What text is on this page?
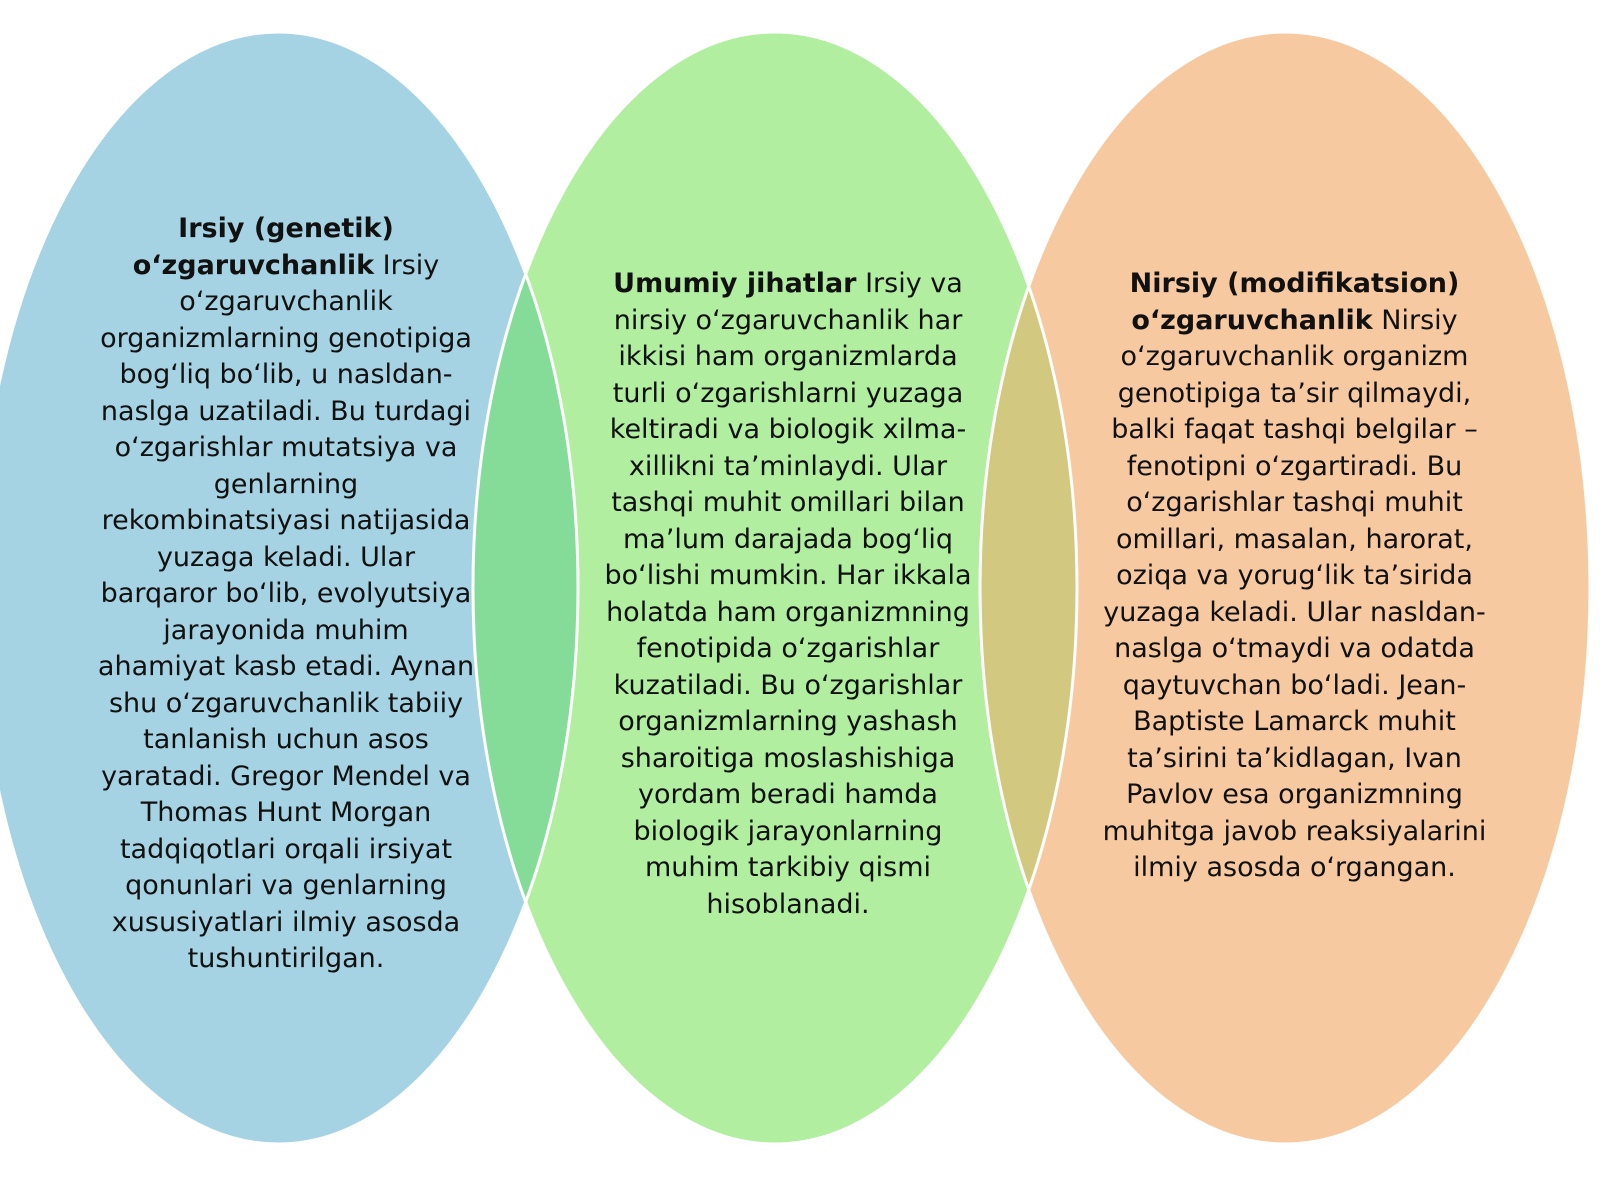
Irsiy (genetik) o‘zgaruvchanlik Irsiy o‘zgaruvchanlik organizmlarning genotipiga bog‘liq bo‘lib, u nasldan-naslga uzatiladi. Bu turdagi o‘zgarishlar mutatsiya va genlarning rekombinatsiyasi natijasida yuzaga keladi. Ular barqaror bo‘lib, evolyutsiya jarayonida muhim ahamiyat kasb etadi. Aynan shu o‘zgaruvchanlik tabiiy tanlanish uchun asos yaratadi. Gregor Mendel va Thomas Hunt Morgan tadqiqotlari orqali irsiyat qonunlari va genlarning xususiyatlari ilmiy asosda tushuntirilgan.
Umumiy jihatlar Irsiy va nirsiy o‘zgaruvchanlik har ikkisi ham organizmlarda turli o‘zgarishlarni yuzaga keltiradi va biologik xilma-xillikni ta’minlaydi. Ular tashqi muhit omillari bilan ma’lum darajada bog‘liq bo‘lishi mumkin. Har ikkala holatda ham organizmning fenotipida o‘zgarishlar kuzatiladi. Bu o‘zgarishlar organizmlarning yashash sharoitiga moslashishiga yordam beradi hamda biologik jarayonlarning muhim tarkibiy qismi hisoblanadi.
Nirsiy (modifikatsion) o‘zgaruvchanlik Nirsiy o‘zgaruvchanlik organizm genotipiga ta’sir qilmaydi, balki faqat tashqi belgilar – fenotipni o‘zgartiradi. Bu o‘zgarishlar tashqi muhit omillari, masalan, harorat, oziqa va yorug‘lik ta’sirida yuzaga keladi. Ular nasldan-naslga o‘tmaydi va odatda qaytuvchan bo‘ladi. Jean-Baptiste Lamarck muhit ta’sirini ta’kidlagan, Ivan Pavlov esa organizmning muhitga javob reaksiyalarini ilmiy asosda o‘rgangan.
